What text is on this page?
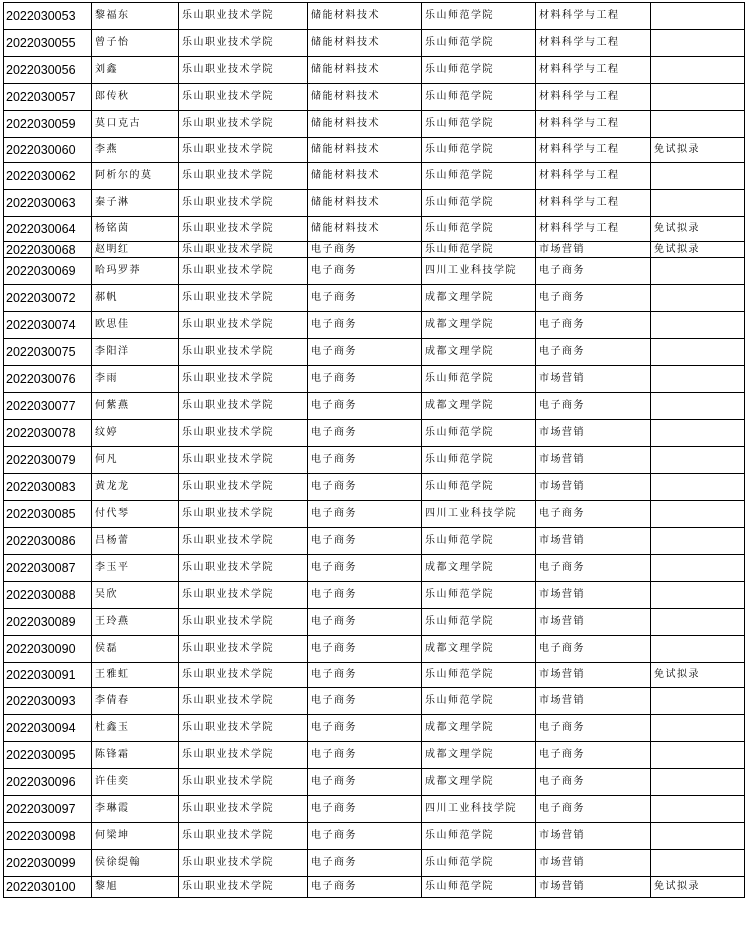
2022030053	黎福东	乐山职业技术学院	储能材料技术	乐山师范学院	材料科学与工程	
2022030055	曾子怡	乐山职业技术学院	储能材料技术	乐山师范学院	材料科学与工程	
2022030056	刘鑫	乐山职业技术学院	储能材料技术	乐山师范学院	材料科学与工程	
2022030057	郎传秋	乐山职业技术学院	储能材料技术	乐山师范学院	材料科学与工程	
2022030059	莫口克古	乐山职业技术学院	储能材料技术	乐山师范学院	材料科学与工程	
2022030060	李燕	乐山职业技术学院	储能材料技术	乐山师范学院	材料科学与工程	免试拟录
2022030062	阿析尔的莫	乐山职业技术学院	储能材料技术	乐山师范学院	材料科学与工程	
2022030063	秦子淋	乐山职业技术学院	储能材料技术	乐山师范学院	材料科学与工程	
2022030064	杨铭茵	乐山职业技术学院	储能材料技术	乐山师范学院	材料科学与工程	免试拟录
2022030068	赵明红	乐山职业技术学院	电子商务	乐山师范学院	市场营销	免试拟录
2022030069	哈玛罗莽	乐山职业技术学院	电子商务	四川工业科技学院	电子商务	
2022030072	郝帆	乐山职业技术学院	电子商务	成都文理学院	电子商务	
2022030074	欧思佳	乐山职业技术学院	电子商务	成都文理学院	电子商务	
2022030075	李阳洋	乐山职业技术学院	电子商务	成都文理学院	电子商务	
2022030076	李雨	乐山职业技术学院	电子商务	乐山师范学院	市场营销	
2022030077	何紫燕	乐山职业技术学院	电子商务	成都文理学院	电子商务	
2022030078	纹婷	乐山职业技术学院	电子商务	乐山师范学院	市场营销	
2022030079	何凡	乐山职业技术学院	电子商务	乐山师范学院	市场营销	
2022030083	黄龙龙	乐山职业技术学院	电子商务	乐山师范学院	市场营销	
2022030085	付代琴	乐山职业技术学院	电子商务	四川工业科技学院	电子商务	
2022030086	吕杨蕾	乐山职业技术学院	电子商务	乐山师范学院	市场营销	
2022030087	李玉平	乐山职业技术学院	电子商务	成都文理学院	电子商务	
2022030088	吴欣	乐山职业技术学院	电子商务	乐山师范学院	市场营销	
2022030089	王玲燕	乐山职业技术学院	电子商务	乐山师范学院	市场营销	
2022030090	侯磊	乐山职业技术学院	电子商务	成都文理学院	电子商务	
2022030091	王雅虹	乐山职业技术学院	电子商务	乐山师范学院	市场营销	免试拟录
2022030093	李倩春	乐山职业技术学院	电子商务	乐山师范学院	市场营销	
2022030094	杜鑫玉	乐山职业技术学院	电子商务	成都文理学院	电子商务	
2022030095	陈锋霜	乐山职业技术学院	电子商务	成都文理学院	电子商务	
2022030096	许佳奕	乐山职业技术学院	电子商务	成都文理学院	电子商务	
2022030097	李琳霞	乐山职业技术学院	电子商务	四川工业科技学院	电子商务	
2022030098	何梁坤	乐山职业技术学院	电子商务	乐山师范学院	市场营销	
2022030099	侯徐缇翰	乐山职业技术学院	电子商务	乐山师范学院	市场营销	
2022030100	黎旭	乐山职业技术学院	电子商务	乐山师范学院	市场营销	免试拟录
